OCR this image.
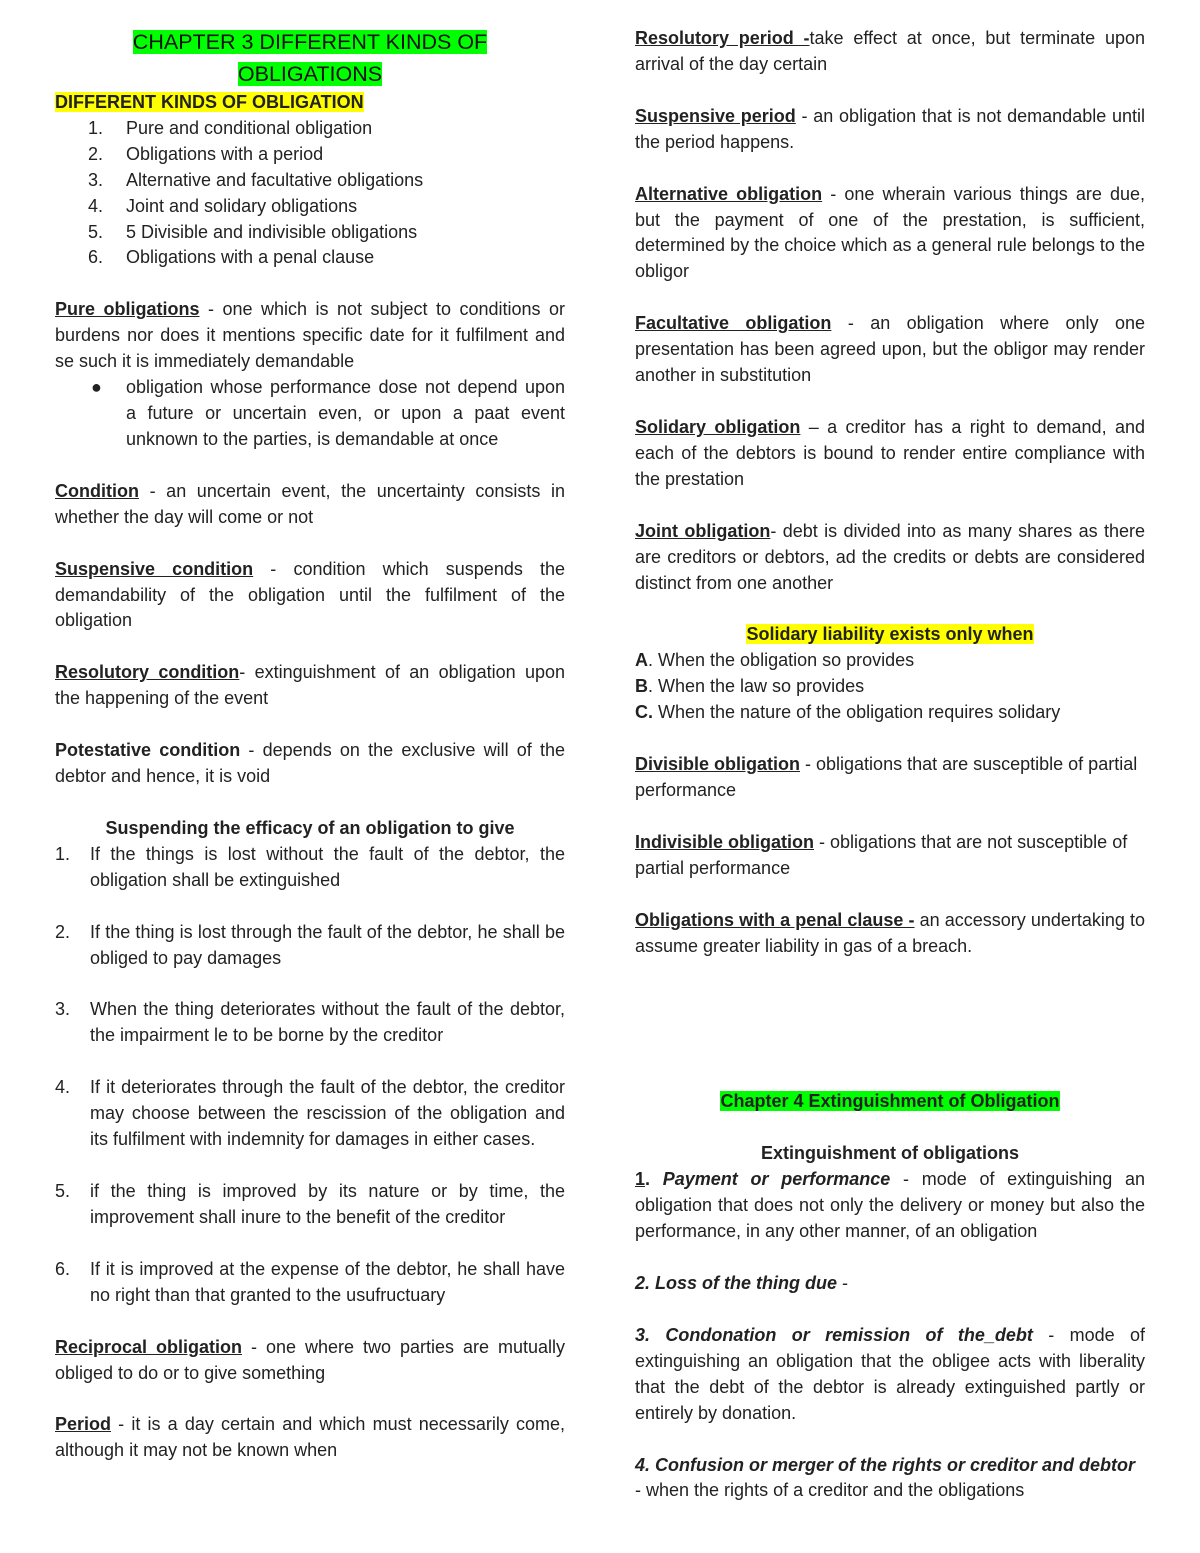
CHAPTER 3 DIFFERENT KINDS OF
OBLIGATIONS

DIFFERENT KINDS OF OBLIGATION

1.	Pure and conditional obligation
2.	Obligations with a period
3.	Alternative and facultative obligations
4.	Joint and solidary obligations
5.	5 Divisible and indivisible obligations
6.	Obligations with a penal clause

Pure obligations - one which is not subject to conditions or burdens nor does it mentions specific date for it fulfilment and se such it is immediately demandable

● obligation whose performance dose not depend upon a future or uncertain even, or upon a paat event unknown to the parties, is demandable at once

Condition - an uncertain event, the uncertainty consists in whether the day will come or not

Suspensive condition - condition which suspends the demandability of the obligation until the fulfilment of the obligation

Resolutory condition- extinguishment of an obligation upon the happening of the event

Potestative condition - depends on the exclusive will of the debtor and hence, it is void

Suspending the efficacy of an obligation to give

1. If the things is lost without the fault of the debtor, the obligation shall be extinguished
2. If the thing is lost through the fault of the debtor, he shall be obliged to pay damages
3. When the thing deteriorates without the fault of the debtor, the impairment le to be borne by the creditor
4. If it deteriorates through the fault of the debtor, the creditor may choose between the rescission of the obligation and its fulfilment with indemnity for damages in either cases.
5. if the thing is improved by its nature or by time, the improvement shall inure to the benefit of the creditor
6. If it is improved at the expense of the debtor, he shall have no right than that granted to the usufructuary

Reciprocal obligation - one where two parties are mutually obliged to do or to give something

Period - it is a day certain and which must necessarily come, although it may not be known when

Resolutory period -take effect at once, but terminate upon arrival of the day certain

Suspensive period - an obligation that is not demandable until the period happens.

Alternative obligation - one wherain various things are due, but the payment of one of the prestation, is sufficient, determined by the choice which as a general rule belongs to the obligor

Facultative obligation - an obligation where only one presentation has been agreed upon, but the obligor may render another in substitution

Solidary obligation – a creditor has a right to demand, and each of the debtors is bound to render entire compliance with the prestation

Joint obligation- debt is divided into as many shares as there are creditors or debtors, ad the credits or debts are considered distinct from one another

Solidary liability exists only when

A. When the obligation so provides

B. When the law so provides

C. When the nature of the obligation requires solidary

Divisible obligation - obligations that are susceptible of partial performance

Indivisible obligation - obligations that are not susceptible of partial performance

Obligations with a penal clause - an accessory undertaking to assume greater liability in gas of a breach.

Chapter 4 Extinguishment of Obligation

Extinguishment of obligations

1. Payment or performance - mode of extinguishing an obligation that does not only the delivery or money but also the performance, in any other manner, of an obligation

2. Loss of the thing due -

3. Condonation or remission of the_debt - mode of extinguishing an obligation that the obligee acts with liberality that the debt of the debtor is already extinguished partly or entirely by donation.

4. Confusion or merger of the rights or creditor and debtor - when the rights of a creditor and the obligations
